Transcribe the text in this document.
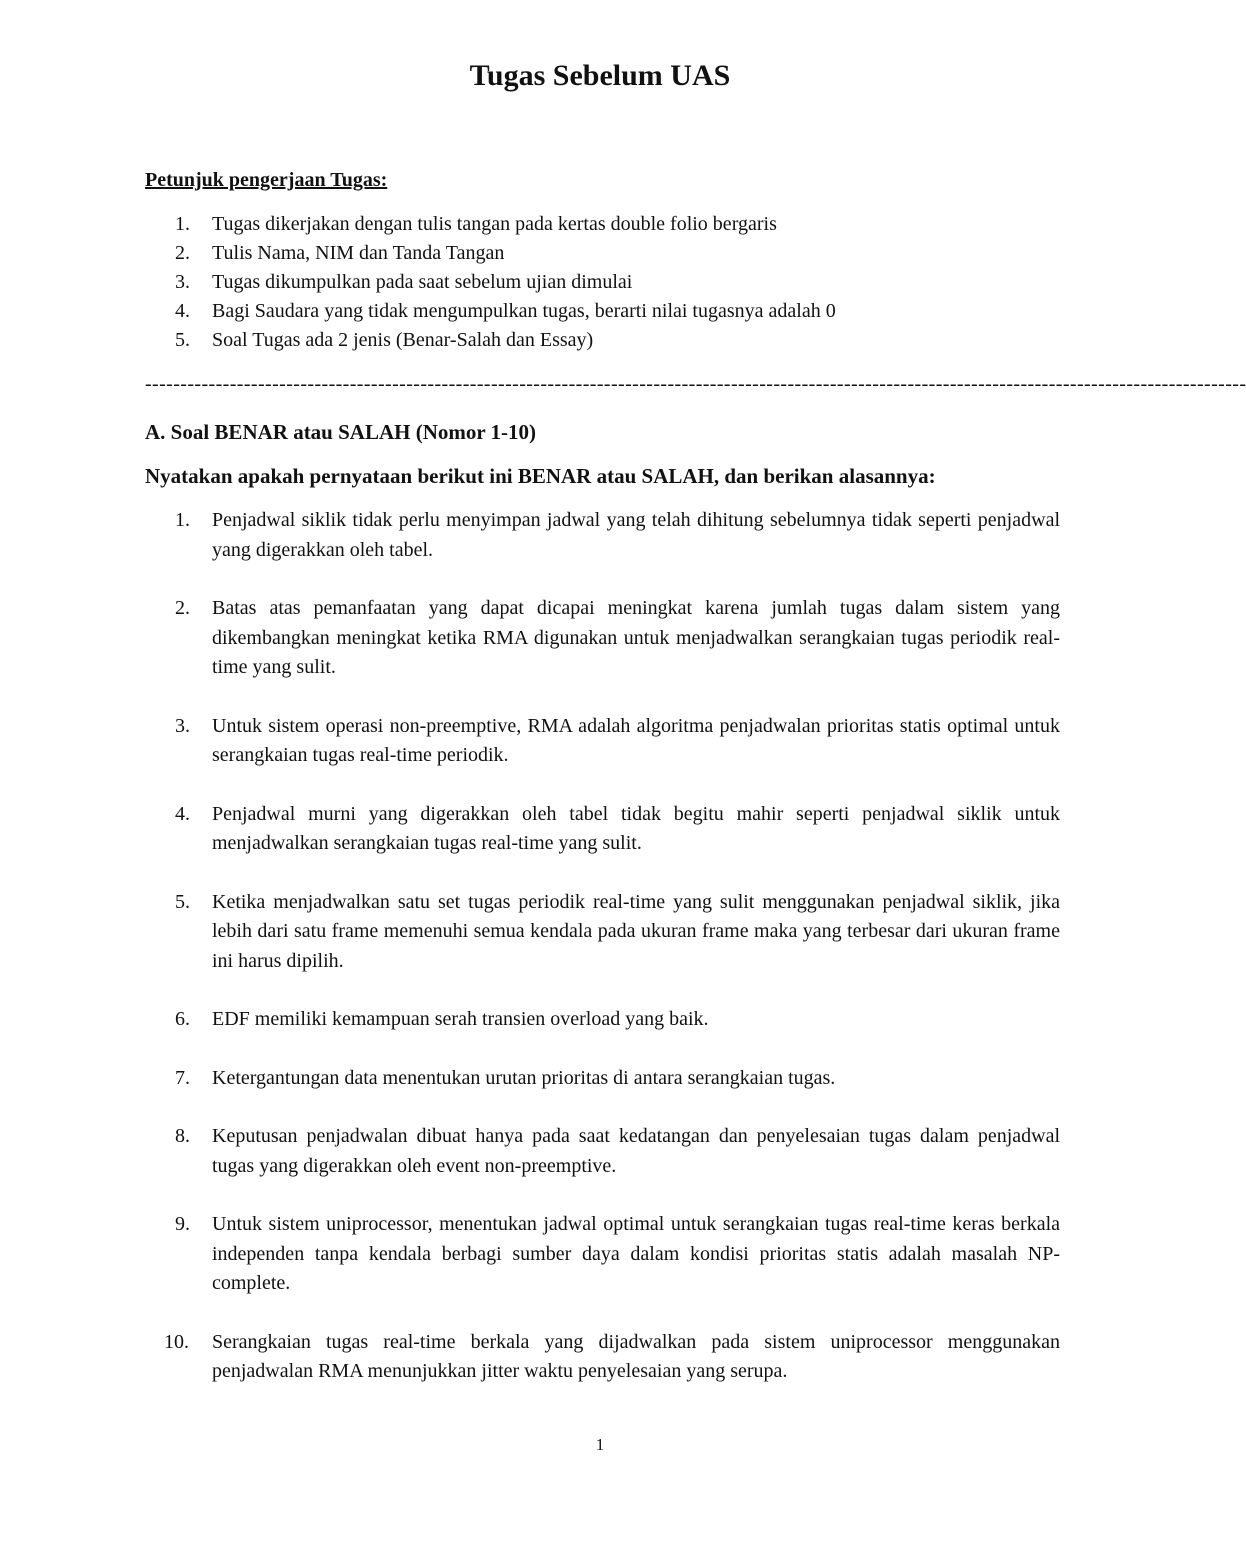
Tugas Sebelum UAS
Petunjuk pengerjaan Tugas:
1. Tugas dikerjakan dengan tulis tangan pada kertas double folio bergaris
2. Tulis Nama, NIM dan Tanda Tangan
3. Tugas dikumpulkan pada saat sebelum ujian dimulai
4. Bagi Saudara yang tidak mengumpulkan tugas, berarti nilai tugasnya adalah 0
5. Soal Tugas ada 2 jenis (Benar-Salah dan Essay)
------------------------------------------------------------------------------------------------------------------------------------------------------------
A. Soal BENAR atau SALAH (Nomor 1-10)
Nyatakan apakah pernyataan berikut ini BENAR atau SALAH, dan berikan alasannya:
1. Penjadwal siklik tidak perlu menyimpan jadwal yang telah dihitung sebelumnya tidak seperti penjadwal yang digerakkan oleh tabel.
2. Batas atas pemanfaatan yang dapat dicapai meningkat karena jumlah tugas dalam sistem yang dikembangkan meningkat ketika RMA digunakan untuk menjadwalkan serangkaian tugas periodik real-time yang sulit.
3. Untuk sistem operasi non-preemptive, RMA adalah algoritma penjadwalan prioritas statis optimal untuk serangkaian tugas real-time periodik.
4. Penjadwal murni yang digerakkan oleh tabel tidak begitu mahir seperti penjadwal siklik untuk menjadwalkan serangkaian tugas real-time yang sulit.
5. Ketika menjadwalkan satu set tugas periodik real-time yang sulit menggunakan penjadwal siklik, jika lebih dari satu frame memenuhi semua kendala pada ukuran frame maka yang terbesar dari ukuran frame ini harus dipilih.
6. EDF memiliki kemampuan serah transien overload yang baik.
7. Ketergantungan data menentukan urutan prioritas di antara serangkaian tugas.
8. Keputusan penjadwalan dibuat hanya pada saat kedatangan dan penyelesaian tugas dalam penjadwal tugas yang digerakkan oleh event non-preemptive.
9. Untuk sistem uniprocessor, menentukan jadwal optimal untuk serangkaian tugas real-time keras berkala independen tanpa kendala berbagi sumber daya dalam kondisi prioritas statis adalah masalah NP-complete.
10. Serangkaian tugas real-time berkala yang dijadwalkan pada sistem uniprocessor menggunakan penjadwalan RMA menunjukkan jitter waktu penyelesaian yang serupa.
1
